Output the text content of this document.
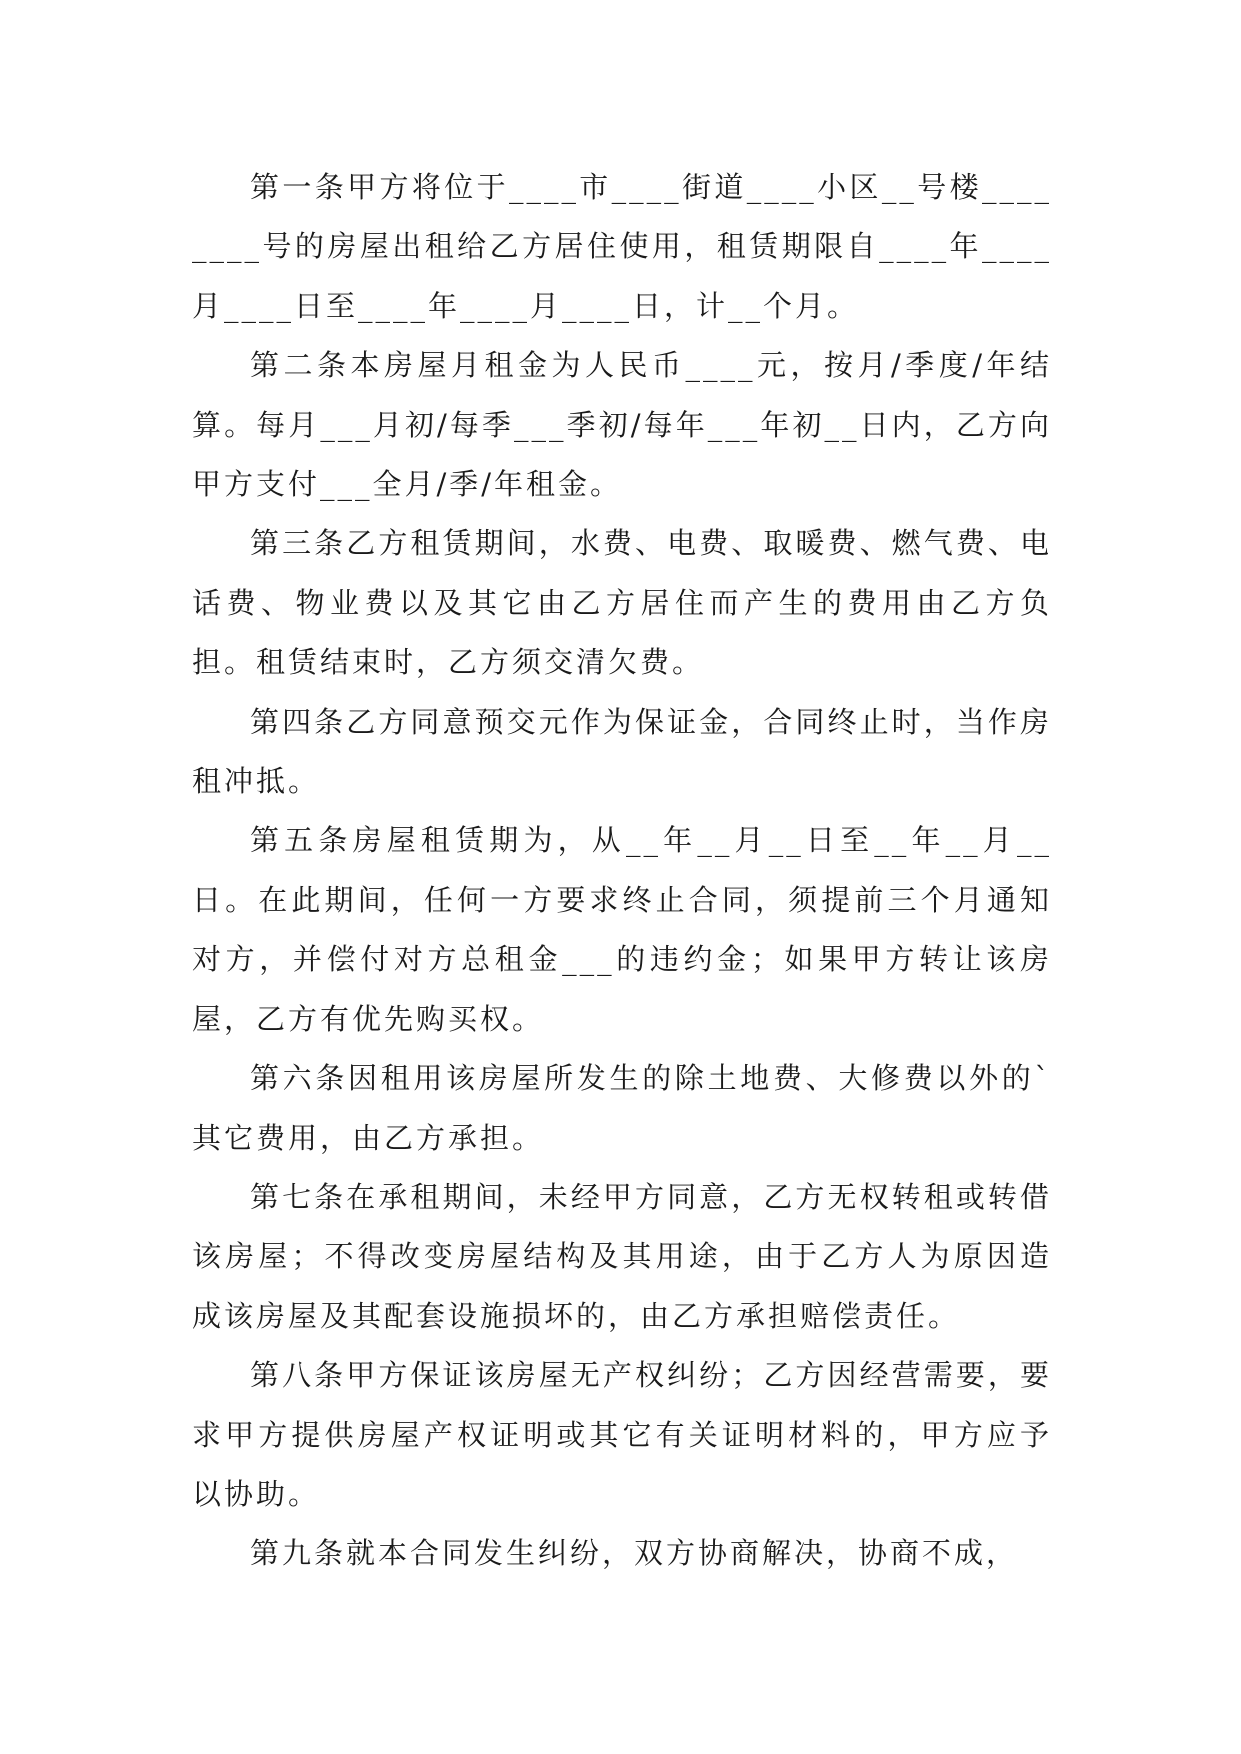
第一条甲方将位于____市____街道____小区__号楼________号的房屋出租给乙方居住使用，租赁期限自____年____月____日至____年____月____日，计__个月。

第二条本房屋月租金为人民币____元，按月/季度/年结算。每月___月初/每季___季初/每年___年初__日内，乙方向甲方支付___全月/季/年租金。

第三条乙方租赁期间，水费、电费、取暖费、燃气费、电话费、物业费以及其它由乙方居住而产生的费用由乙方负担。租赁结束时，乙方须交清欠费。

第四条乙方同意预交元作为保证金，合同终止时，当作房租冲抵。

第五条房屋租赁期为，从__年__月__日至__年__月__日。在此期间，任何一方要求终止合同，须提前三个月通知对方，并偿付对方总租金___的违约金；如果甲方转让该房屋，乙方有优先购买权。

第六条因租用该房屋所发生的除土地费、大修费以外的`其它费用，由乙方承担。

第七条在承租期间，未经甲方同意，乙方无权转租或转借该房屋；不得改变房屋结构及其用途，由于乙方人为原因造成该房屋及其配套设施损坏的，由乙方承担赔偿责任。

第八条甲方保证该房屋无产权纠纷；乙方因经营需要，要求甲方提供房屋产权证明或其它有关证明材料的，甲方应予以协助。

第九条就本合同发生纠纷，双方协商解决，协商不成，
